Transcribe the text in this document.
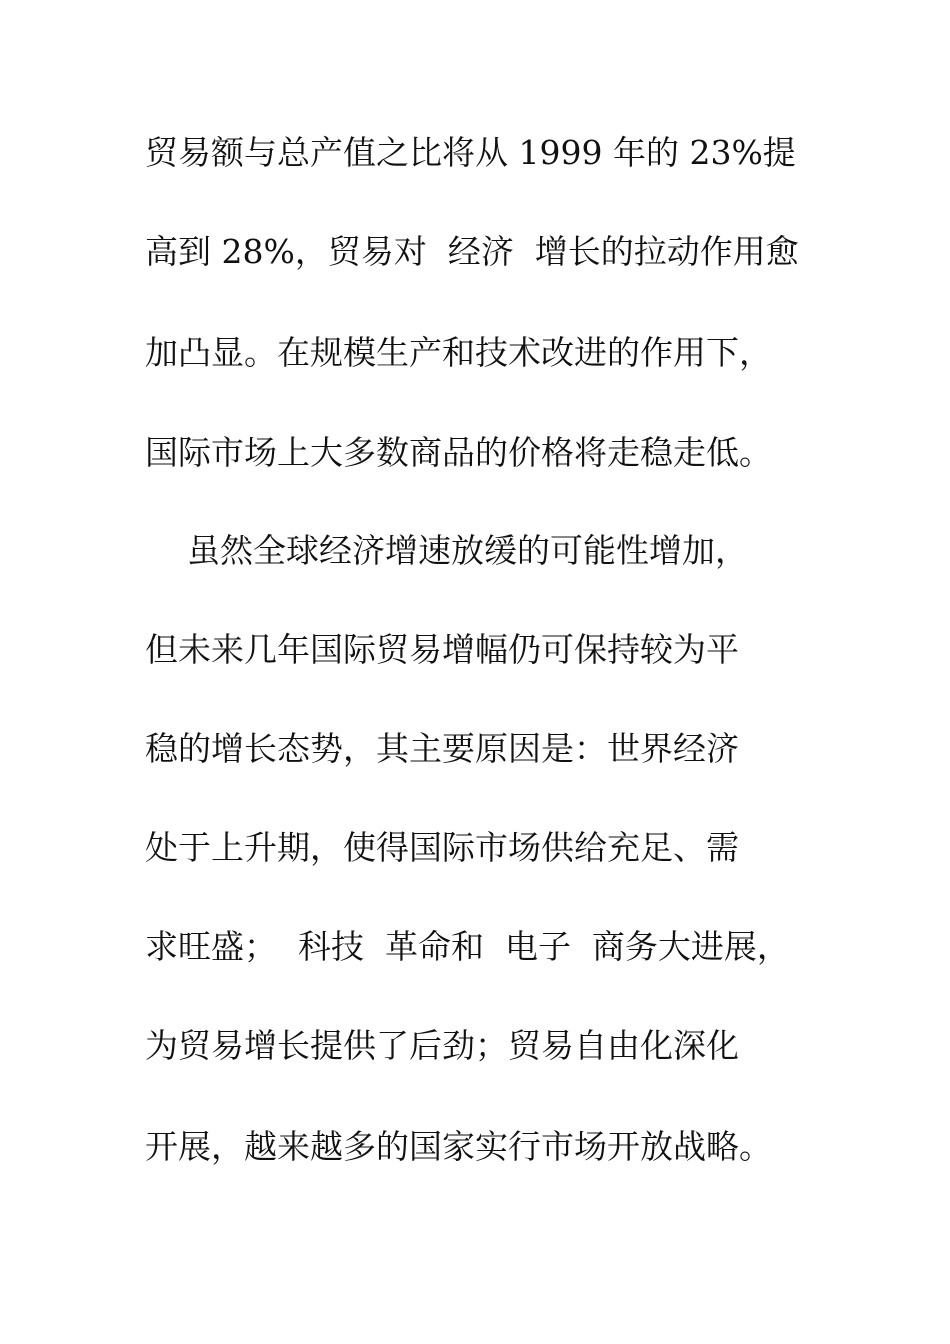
贸易额与总产值之比将从 1999 年的 23%提
高到 28%，贸易对  经济  增长的拉动作用愈
加凸显。在规模生产和技术改进的作用下，
国际市场上大多数商品的价格将走稳走低。
虽然全球经济增速放缓的可能性增加，
但未来几年国际贸易增幅仍可保持较为平
稳的增长态势，其主要原因是：世界经济
处于上升期，使得国际市场供给充足、需
求旺盛；  科技  革命和  电子  商务大进展，
为贸易增长提供了后劲；贸易自由化深化
开展，越来越多的国家实行市场开放战略。
